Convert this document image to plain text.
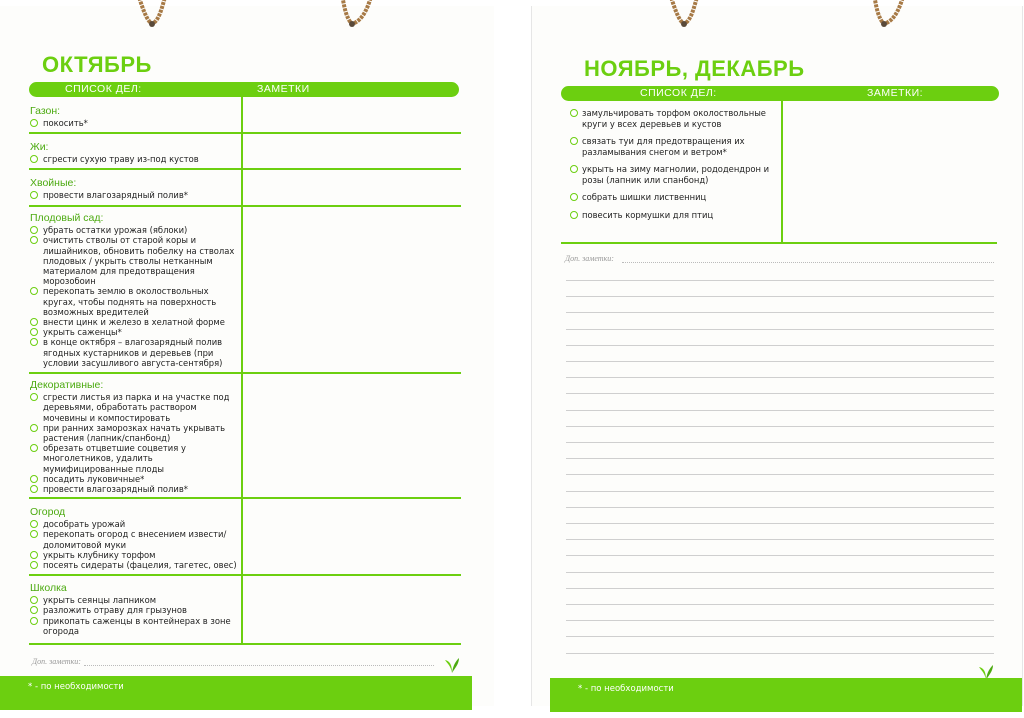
ОКТЯБРЬ
СПИСОК ДЕЛ:	ЗАМЕТКИ
Газон:
покосить*
Жи:
сгрести сухую траву из-под кустов
Хвойные:
провести влагозарядный полив*
Плодовый сад:
убрать остатки урожая (яблоки)
очистить стволы от старой коры и лишайников, обновить побелку на стволах плодовых / укрыть стволы нетканным материалом для предотвращения морозобоин
перекопать землю в околоствольных кругах, чтобы поднять на поверхность возможных вредителей
внести цинк и железо в хелатной форме
укрыть саженцы*
в конце октября – влагозарядный полив ягодных кустарников и деревьев (при условии засушливого августа-сентября)
Декоративные:
сгрести листья из парка и на участке под деревьями, обработать раствором мочевины и компостировать
при ранних заморозках начать укрывать растения (лапник/спанбонд)
обрезать отцветшие соцветия у многолетников, удалить мумифицированные плоды
посадить луковичные*
провести влагозарядный полив*
Огород
дособрать урожай
перекопать огород с внесением извести/доломитовой муки
укрыть клубнику торфом
посеять сидераты (фацелия, тагетес, овес)
Школка
укрыть сеянцы лапником
разложить отраву для грызунов
прикопать саженцы в контейнерах в зоне огорода
Доп. заметки:
* - по необходимости
НОЯБРЬ, ДЕКАБРЬ
СПИСОК ДЕЛ:	ЗАМЕТКИ:
замульчировать торфом околоствольные круги у всех деревьев и кустов
связать туи для предотвращения их разламывания снегом и ветром*
укрыть на зиму магнолии, рододендрон и розы (лапник или спанбонд)
собрать шишки лиственниц
повесить кормушки для птиц
Доп. заметки:
* - по необходимости
